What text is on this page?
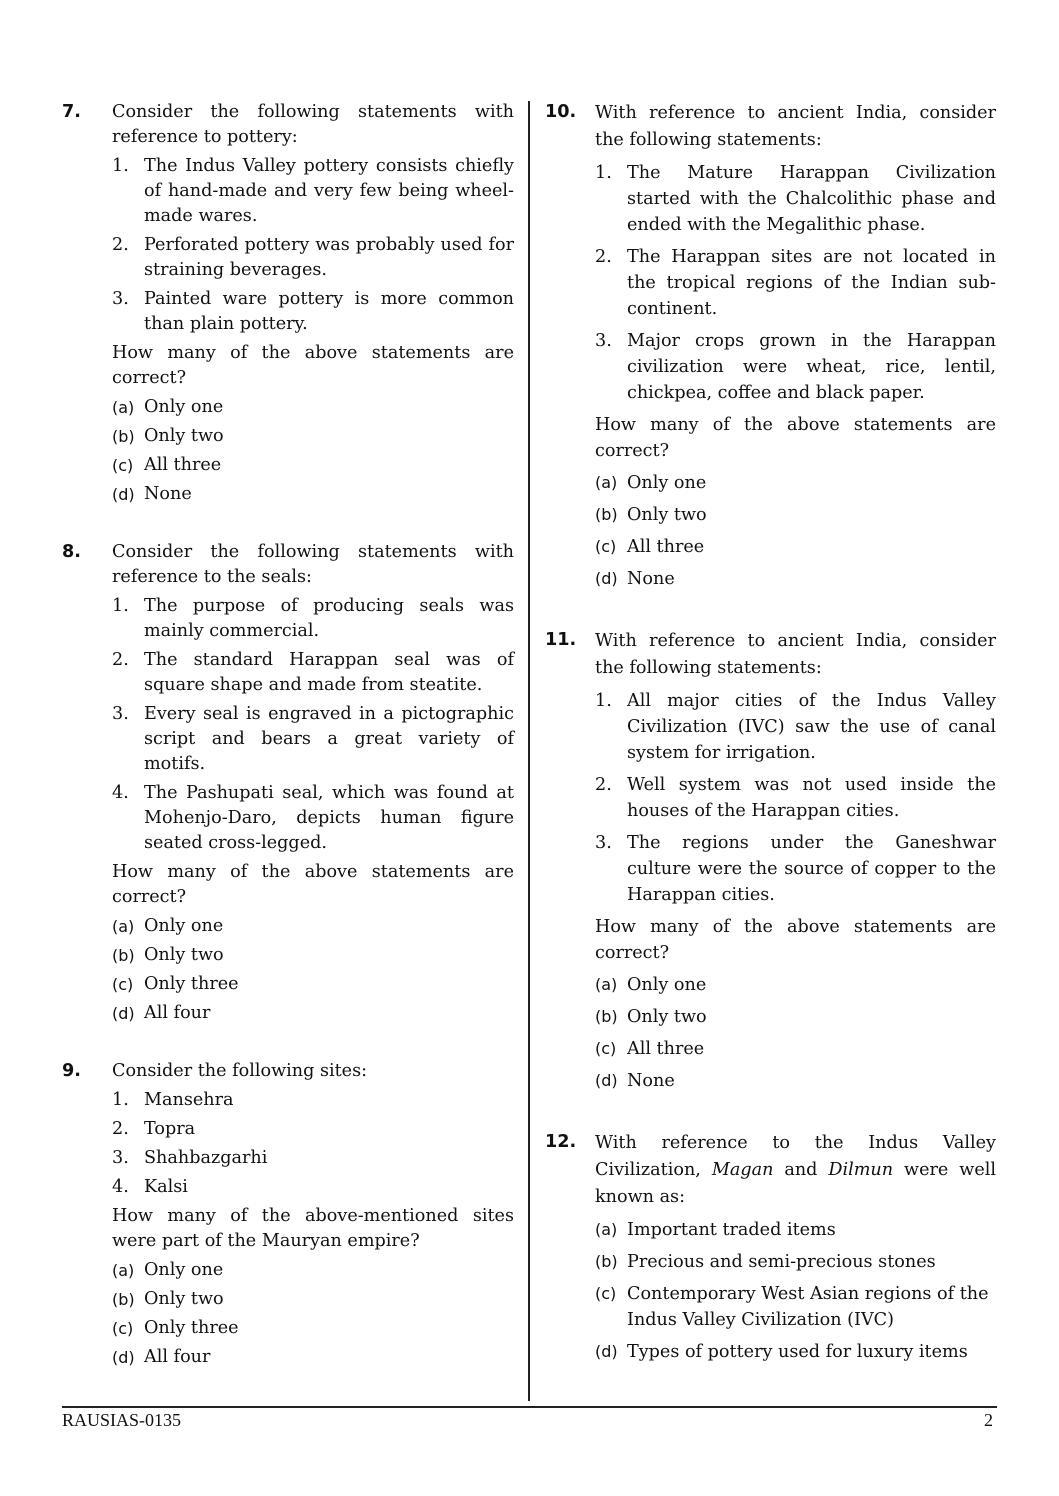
7. Consider the following statements with reference to pottery:
1. The Indus Valley pottery consists chiefly of hand-made and very few being wheel-made wares.
2. Perforated pottery was probably used for straining beverages.
3. Painted ware pottery is more common than plain pottery.
How many of the above statements are correct?
(a) Only one
(b) Only two
(c) All three
(d) None
8. Consider the following statements with reference to the seals:
1. The purpose of producing seals was mainly commercial.
2. The standard Harappan seal was of square shape and made from steatite.
3. Every seal is engraved in a pictographic script and bears a great variety of motifs.
4. The Pashupati seal, which was found at Mohenjo-Daro, depicts human figure seated cross-legged.
How many of the above statements are correct?
(a) Only one
(b) Only two
(c) Only three
(d) All four
9. Consider the following sites:
1. Mansehra
2. Topra
3. Shahbazgarhi
4. Kalsi
How many of the above-mentioned sites were part of the Mauryan empire?
(a) Only one
(b) Only two
(c) Only three
(d) All four
10. With reference to ancient India, consider the following statements:
1. The Mature Harappan Civilization started with the Chalcolithic phase and ended with the Megalithic phase.
2. The Harappan sites are not located in the tropical regions of the Indian sub-continent.
3. Major crops grown in the Harappan civilization were wheat, rice, lentil, chickpea, coffee and black paper.
How many of the above statements are correct?
(a) Only one
(b) Only two
(c) All three
(d) None
11. With reference to ancient India, consider the following statements:
1. All major cities of the Indus Valley Civilization (IVC) saw the use of canal system for irrigation.
2. Well system was not used inside the houses of the Harappan cities.
3. The regions under the Ganeshwar culture were the source of copper to the Harappan cities.
How many of the above statements are correct?
(a) Only one
(b) Only two
(c) All three
(d) None
12. With reference to the Indus Valley Civilization, Magan and Dilmun were well known as:
(a) Important traded items
(b) Precious and semi-precious stones
(c) Contemporary West Asian regions of the Indus Valley Civilization (IVC)
(d) Types of pottery used for luxury items
RAUSIAS-0135	2
